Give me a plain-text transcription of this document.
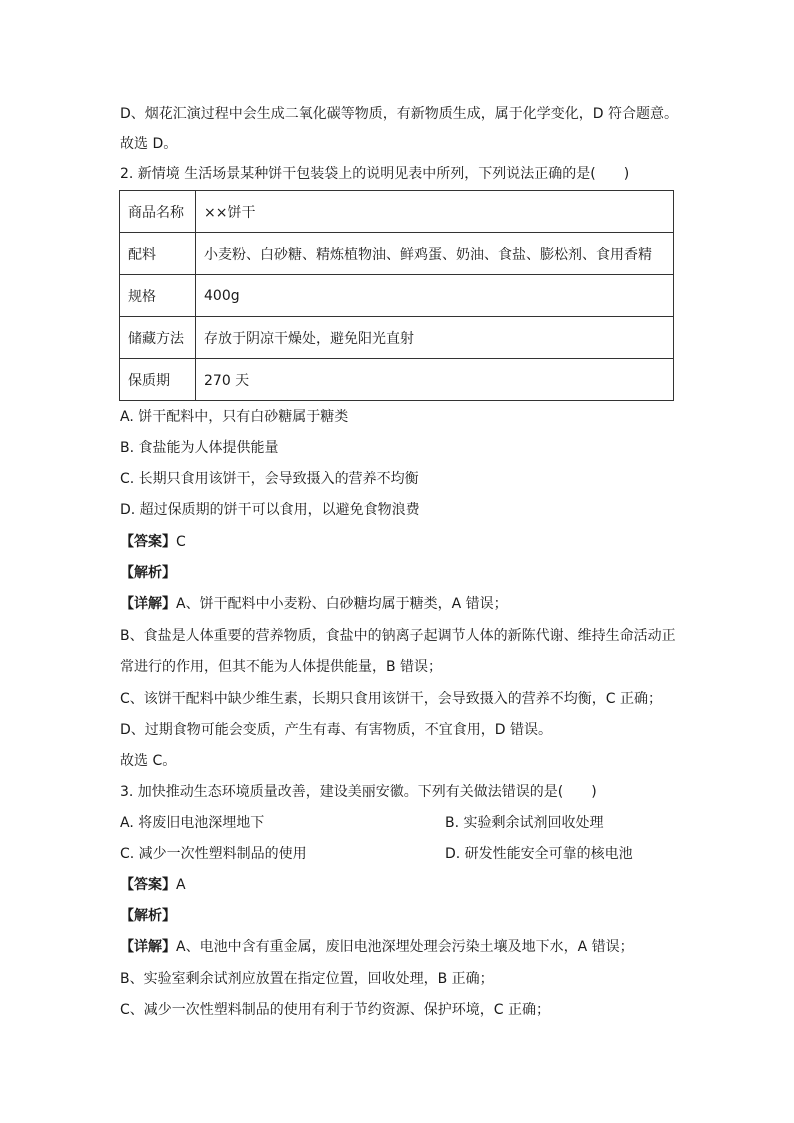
D、烟花汇演过程中会生成二氧化碳等物质，有新物质生成，属于化学变化，D 符合题意。
故选 D。
2. 新情境 生活场景某种饼干包装袋上的说明见表中所列，下列说法正确的是(　　)
商品名称	××饼干
配料	小麦粉、白砂糖、精炼植物油、鲜鸡蛋、奶油、食盐、膨松剂、食用香精
规格	400g
储藏方法	存放于阴凉干燥处，避免阳光直射
保质期	270 天
A. 饼干配料中，只有白砂糖属于糖类
B. 食盐能为人体提供能量
C. 长期只食用该饼干，会导致摄入的营养不均衡
D. 超过保质期的饼干可以食用，以避免食物浪费
【答案】C
【解析】
【详解】A、饼干配料中小麦粉、白砂糖均属于糖类，A 错误；
B、食盐是人体重要的营养物质，食盐中的钠离子起调节人体的新陈代谢、维持生命活动正
常进行的作用，但其不能为人体提供能量，B 错误；
C、该饼干配料中缺少维生素，长期只食用该饼干，会导致摄入的营养不均衡，C 正确；
D、过期食物可能会变质，产生有毒、有害物质，不宜食用，D 错误。
故选 C。
3. 加快推动生态环境质量改善，建设美丽安徽。下列有关做法错误的是(　　)
A. 将废旧电池深埋地下	B. 实验剩余试剂回收处理
C. 减少一次性塑料制品的使用	D. 研发性能安全可靠的核电池
【答案】A
【解析】
【详解】A、电池中含有重金属，废旧电池深埋处理会污染土壤及地下水，A 错误；
B、实验室剩余试剂应放置在指定位置，回收处理，B 正确；
C、减少一次性塑料制品的使用有利于节约资源、保护环境，C 正确；
